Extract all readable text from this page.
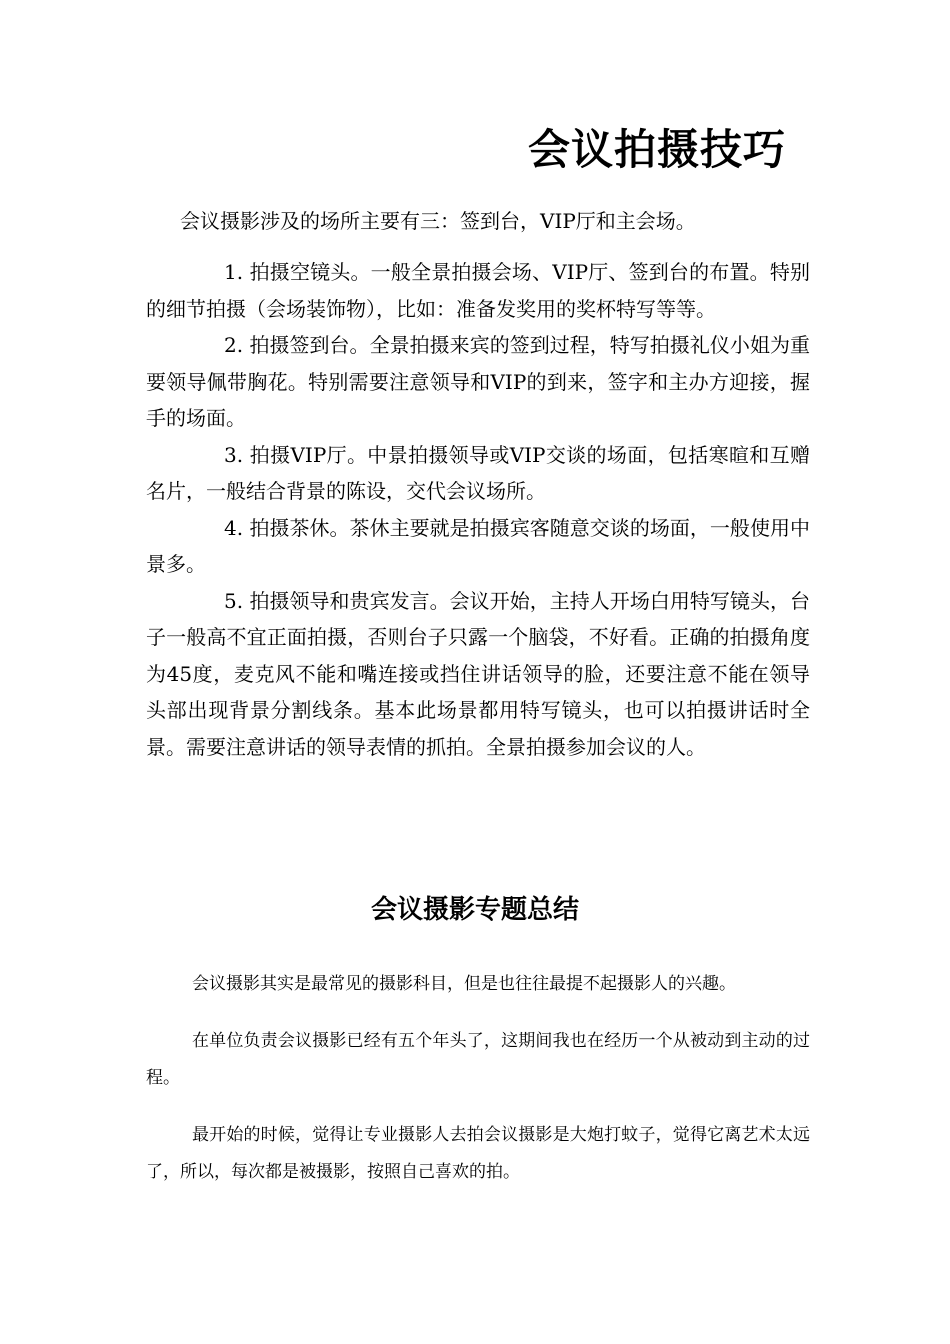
会议拍摄技巧

会议摄影涉及的场所主要有三：签到台，VIP厅和主会场。

1. 拍摄空镜头。一般全景拍摄会场、VIP厅、签到台的布置。特别的细节拍摄（会场装饰物），比如：准备发奖用的奖杯特写等等。

2. 拍摄签到台。全景拍摄来宾的签到过程，特写拍摄礼仪小姐为重要领导佩带胸花。特别需要注意领导和VIP的到来，签字和主办方迎接，握手的场面。

3. 拍摄VIP厅。中景拍摄领导或VIP交谈的场面，包括寒暄和互赠名片，一般结合背景的陈设，交代会议场所。

4. 拍摄茶休。茶休主要就是拍摄宾客随意交谈的场面，一般使用中景多。

5. 拍摄领导和贵宾发言。会议开始，主持人开场白用特写镜头，台子一般高不宜正面拍摄，否则台子只露一个脑袋，不好看。正确的拍摄角度为45度，麦克风不能和嘴连接或挡住讲话领导的脸，还要注意不能在领导头部出现背景分割线条。基本此场景都用特写镜头，也可以拍摄讲话时全景。需要注意讲话的领导表情的抓拍。全景拍摄参加会议的人。

会议摄影专题总结

会议摄影其实是最常见的摄影科目，但是也往往最提不起摄影人的兴趣。

在单位负责会议摄影已经有五个年头了，这期间我也在经历一个从被动到主动的过程。

最开始的时候，觉得让专业摄影人去拍会议摄影是大炮打蚊子，觉得它离艺术太远了，所以，每次都是被摄影，按照自己喜欢的拍。
